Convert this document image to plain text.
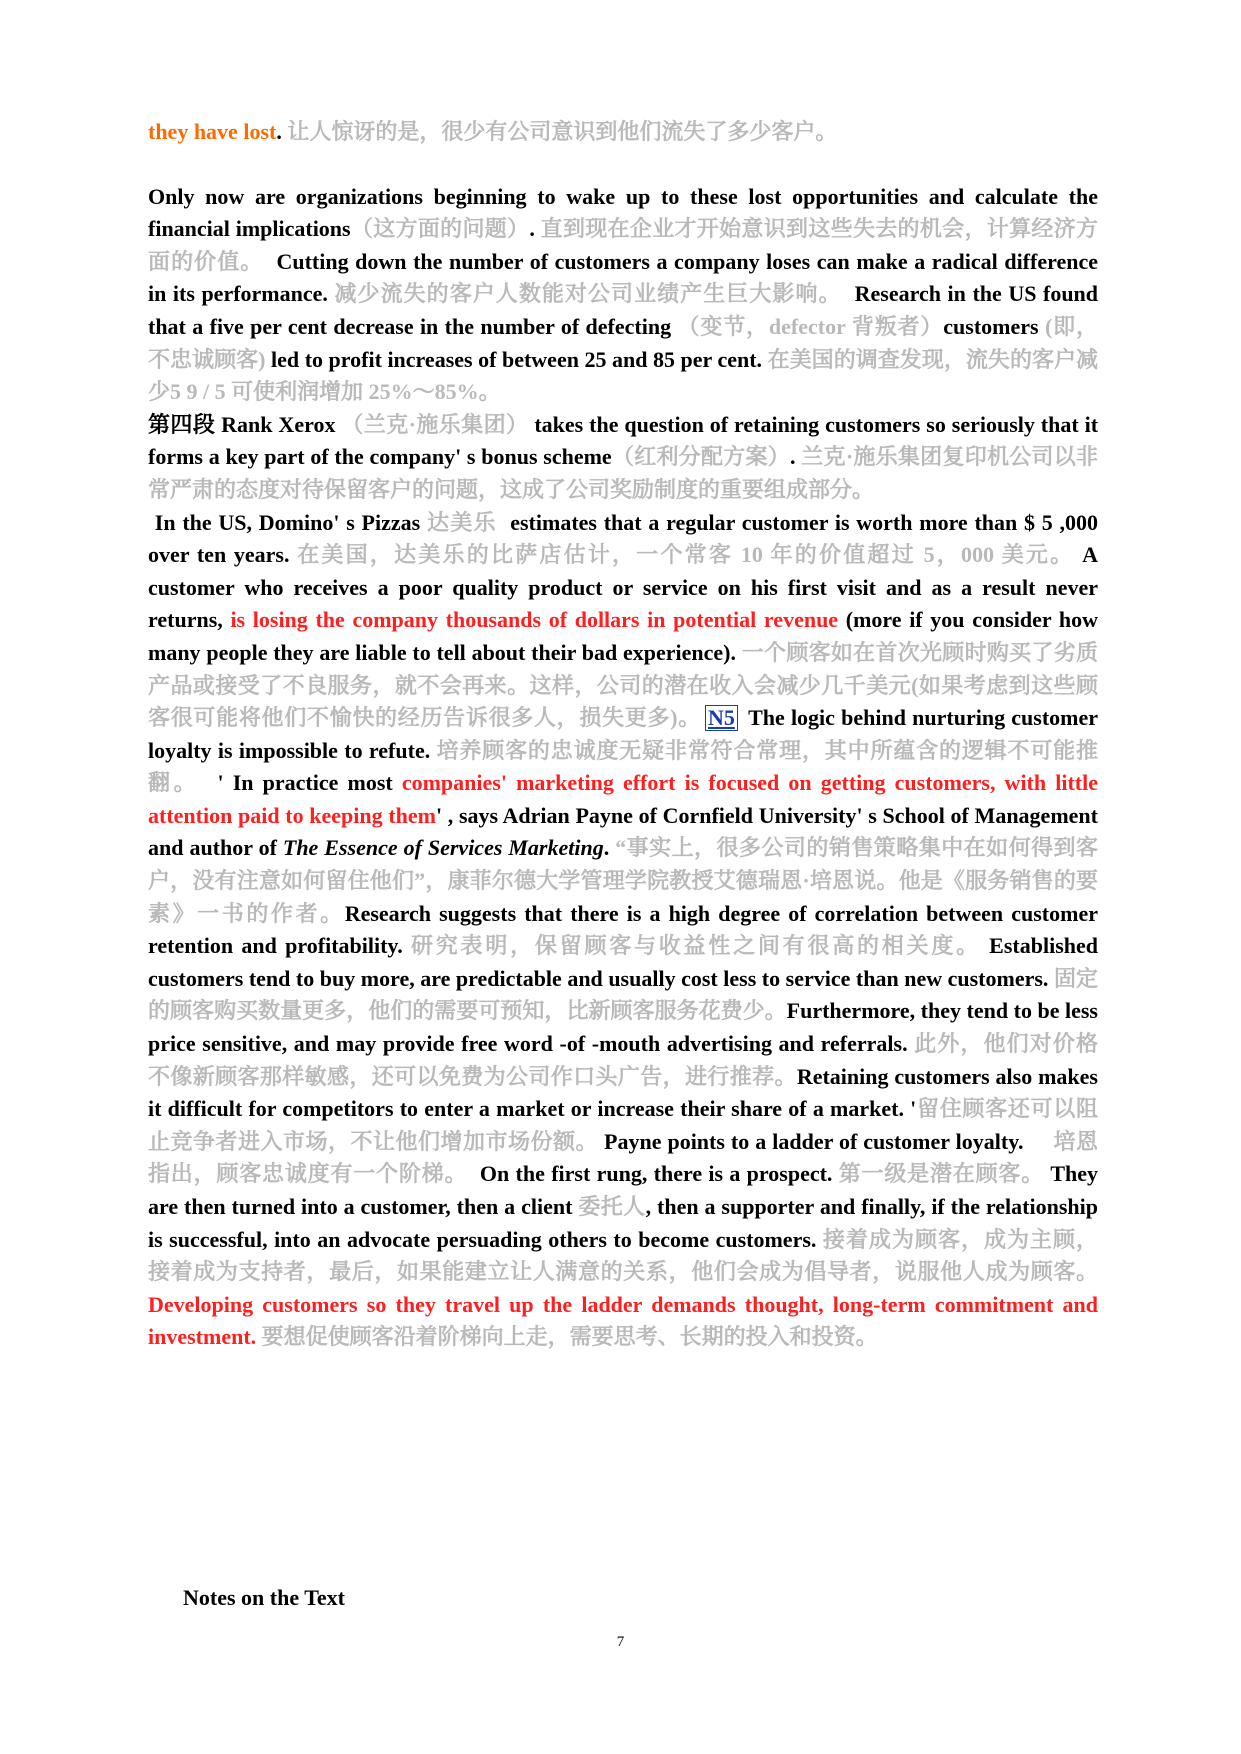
they have lost. 让人惊讶的是，很少有公司意识到他们流失了多少客户。

Only now are organizations beginning to wake up to these lost opportunities and calculate the financial implications（这方面的问题）. 直到现在企业才开始意识到这些失去的机会，计算经济方面的价值。 Cutting down the number of customers a company loses can make a radical difference in its performance. 减少流失的客户人数能对公司业绩产生巨大影响。 Research in the US found that a five per cent decrease in the number of defecting （变节，defector 背叛者）customers (即，不忠诚顾客) led to profit increases of between 25 and 85 per cent. 在美国的调查发现，流失的客户减少5 9 / 5 可使利润增加 25%～85%。

第四段 Rank Xerox （兰克·施乐集团） takes the question of retaining customers so seriously that it forms a key part of the company' s bonus scheme（红利分配方案）. 兰克·施乐集团复印机公司以非常严肃的态度对待保留客户的问题，这成了公司奖励制度的重要组成部分。

In the US, Domino' s Pizzas 达美乐 estimates that a regular customer is worth more than $ 5 ,000 over ten years. 在美国，达美乐的比萨店估计，一个常客 10 年的价值超过 5，000 美元。 A customer who receives a poor quality product or service on his first visit and as a result never returns, is losing the company thousands of dollars in potential revenue (more if you consider how many people they are liable to tell about their bad experience). 一个顾客如在首次光顾时购买了劣质产品或接受了不良服务，就不会再来。这样，公司的潜在收入会减少几千美元(如果考虑到这些顾客很可能将他们不愉快的经历告诉很多人，损失更多)。 N5 The logic behind nurturing customer loyalty is impossible to refute. 培养顾客的忠诚度无疑非常符合常理，其中所蕴含的逻辑不可能推翻。 ' In practice most companies' marketing effort is focused on getting customers, with little attention paid to keeping them' , says Adrian Payne of Cornfield University' s School of Management and author of The Essence of Services Marketing. “事实上，很多公司的销售策略集中在如何得到客户，没有注意如何留住他们”，康菲尔德大学管理学院教授艾德瑞恩·培恩说。他是《服务销售的要素》一书的作者。Research suggests that there is a high degree of correlation between customer retention and profitability. 研究表明，保留顾客与收益性之间有很高的相关度。 Established customers tend to buy more, are predictable and usually cost less to service than new customers. 固定的顾客购买数量更多，他们的需要可预知，比新顾客服务花费少。Furthermore, they tend to be less price sensitive, and may provide free word -of -mouth advertising and referrals. 此外，他们对价格不像新顾客那样敏感，还可以免费为公司作口头广告，进行推荐。Retaining customers also makes it difficult for competitors to enter a market or increase their share of a market. '留住顾客还可以阻止竞争者进入市场，不让他们增加市场份额。 Payne points to a ladder of customer loyalty. 培恩指出，顾客忠诚度有一个阶梯。 On the first rung, there is a prospect. 第一级是潜在顾客。 They are then turned into a customer, then a client 委托人, then a supporter and finally, if the relationship is successful, into an advocate persuading others to become customers. 接着成为顾客，成为主顾，接着成为支持者，最后，如果能建立让人满意的关系，他们会成为倡导者，说服他人成为顾客。 Developing customers so they travel up the ladder demands thought, long-term commitment and investment. 要想促使顾客沿着阶梯向上走，需要思考、长期的投入和投资。

Notes on the Text
7
